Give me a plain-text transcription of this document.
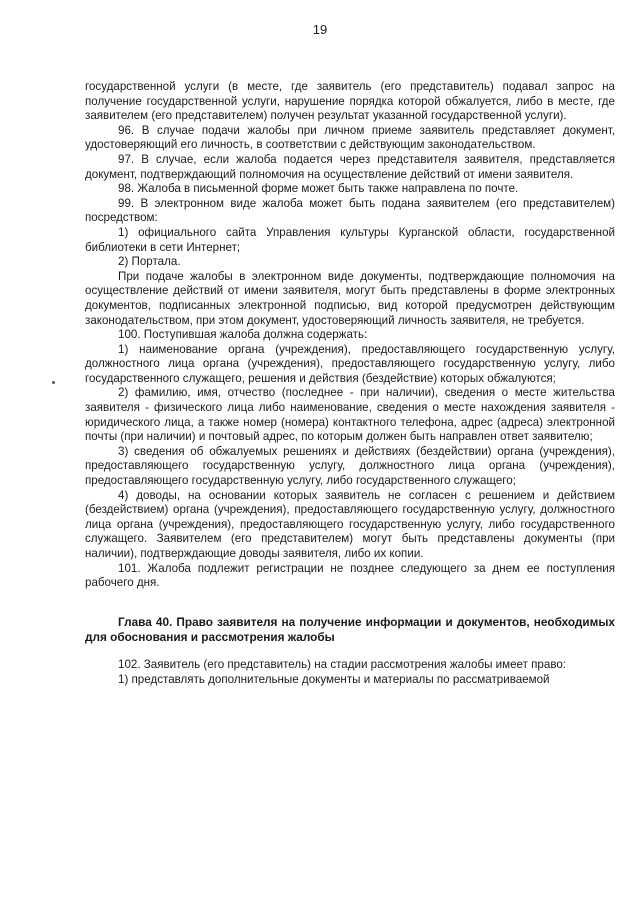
19

государственной услуги (в месте, где заявитель (его представитель) подавал запрос на получение государственной услуги, нарушение порядка которой обжалуется, либо в месте, где заявителем (его представителем) получен результат указанной государственной услуги).

96. В случае подачи жалобы при личном приеме заявитель представляет документ, удостоверяющий его личность, в соответствии с действующим законодательством.

97. В случае, если жалоба подается через представителя заявителя, представляется документ, подтверждающий полномочия на осуществление действий от имени заявителя.

98. Жалоба в письменной форме может быть также направлена по почте.

99. В электронном виде жалоба может быть подана заявителем (его представителем) посредством:

1) официального сайта Управления культуры Курганской области, государственной библиотеки в сети Интернет;

2) Портала.

При подаче жалобы в электронном виде документы, подтверждающие полномочия на осуществление действий от имени заявителя, могут быть представлены в форме электронных документов, подписанных электронной подписью, вид которой предусмотрен действующим законодательством, при этом документ, удостоверяющий личность заявителя, не требуется.

100. Поступившая жалоба должна содержать:

1) наименование органа (учреждения), предоставляющего государственную услугу, должностного лица органа (учреждения), предоставляющего государственную услугу, либо государственного служащего, решения и действия (бездействие) которых обжалуются;

2) фамилию, имя, отчество (последнее - при наличии), сведения о месте жительства заявителя - физического лица либо наименование, сведения о месте нахождения заявителя - юридического лица, а также номер (номера) контактного телефона, адрес (адреса) электронной почты (при наличии) и почтовый адрес, по которым должен быть направлен ответ заявителю;

3) сведения об обжалуемых решениях и действиях (бездействии) органа (учреждения), предоставляющего государственную услугу, должностного лица органа (учреждения), предоставляющего государственную услугу, либо государственного служащего;

4) доводы, на основании которых заявитель не согласен с решением и действием (бездействием) органа (учреждения), предоставляющего государственную услугу, должностного лица органа (учреждения), предоставляющего государственную услугу, либо государственного служащего. Заявителем (его представителем) могут быть представлены документы (при наличии), подтверждающие доводы заявителя, либо их копии.

101. Жалоба подлежит регистрации не позднее следующего за днем ее поступления рабочего дня.

Глава 40. Право заявителя на получение информации и документов, необходимых для обоснования и рассмотрения жалобы

102. Заявитель (его представитель) на стадии рассмотрения жалобы имеет право:

1) представлять дополнительные документы и материалы по рассматриваемой
